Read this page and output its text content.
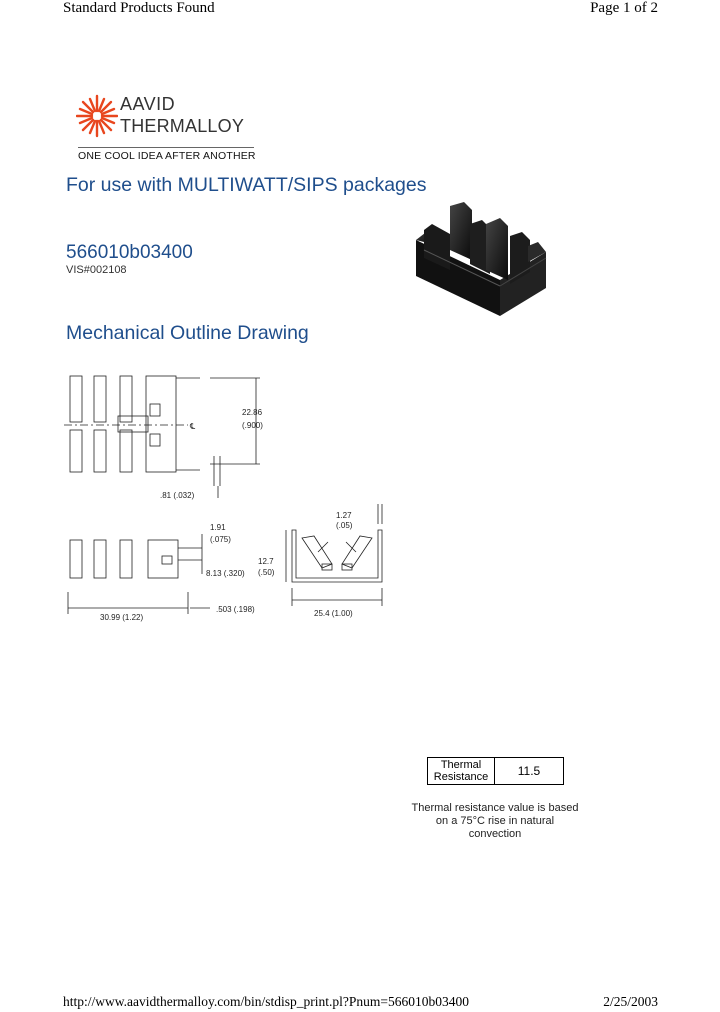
Standard Products Found	Page 1 of 2
AAVID
THERMALLOY
ONE COOL IDEA AFTER ANOTHER
For use with MULTIWATT/SIPS packages
566010b03400
VIS#002108
Mechanical Outline Drawing
22.86
(.900)
℄
.81 (.032)
1.91
(.075)
8.13 (.320)
30.99 (1.22)
.503 (.198)
1.27
(.05)
12.7
(.50)
25.4 (1.00)
Thermal
Resistance	11.5
Thermal resistance value is based on a 75°C rise in natural convection
http://www.aavidthermalloy.com/bin/stdisp_print.pl?Pnum=566010b03400	2/25/2003
